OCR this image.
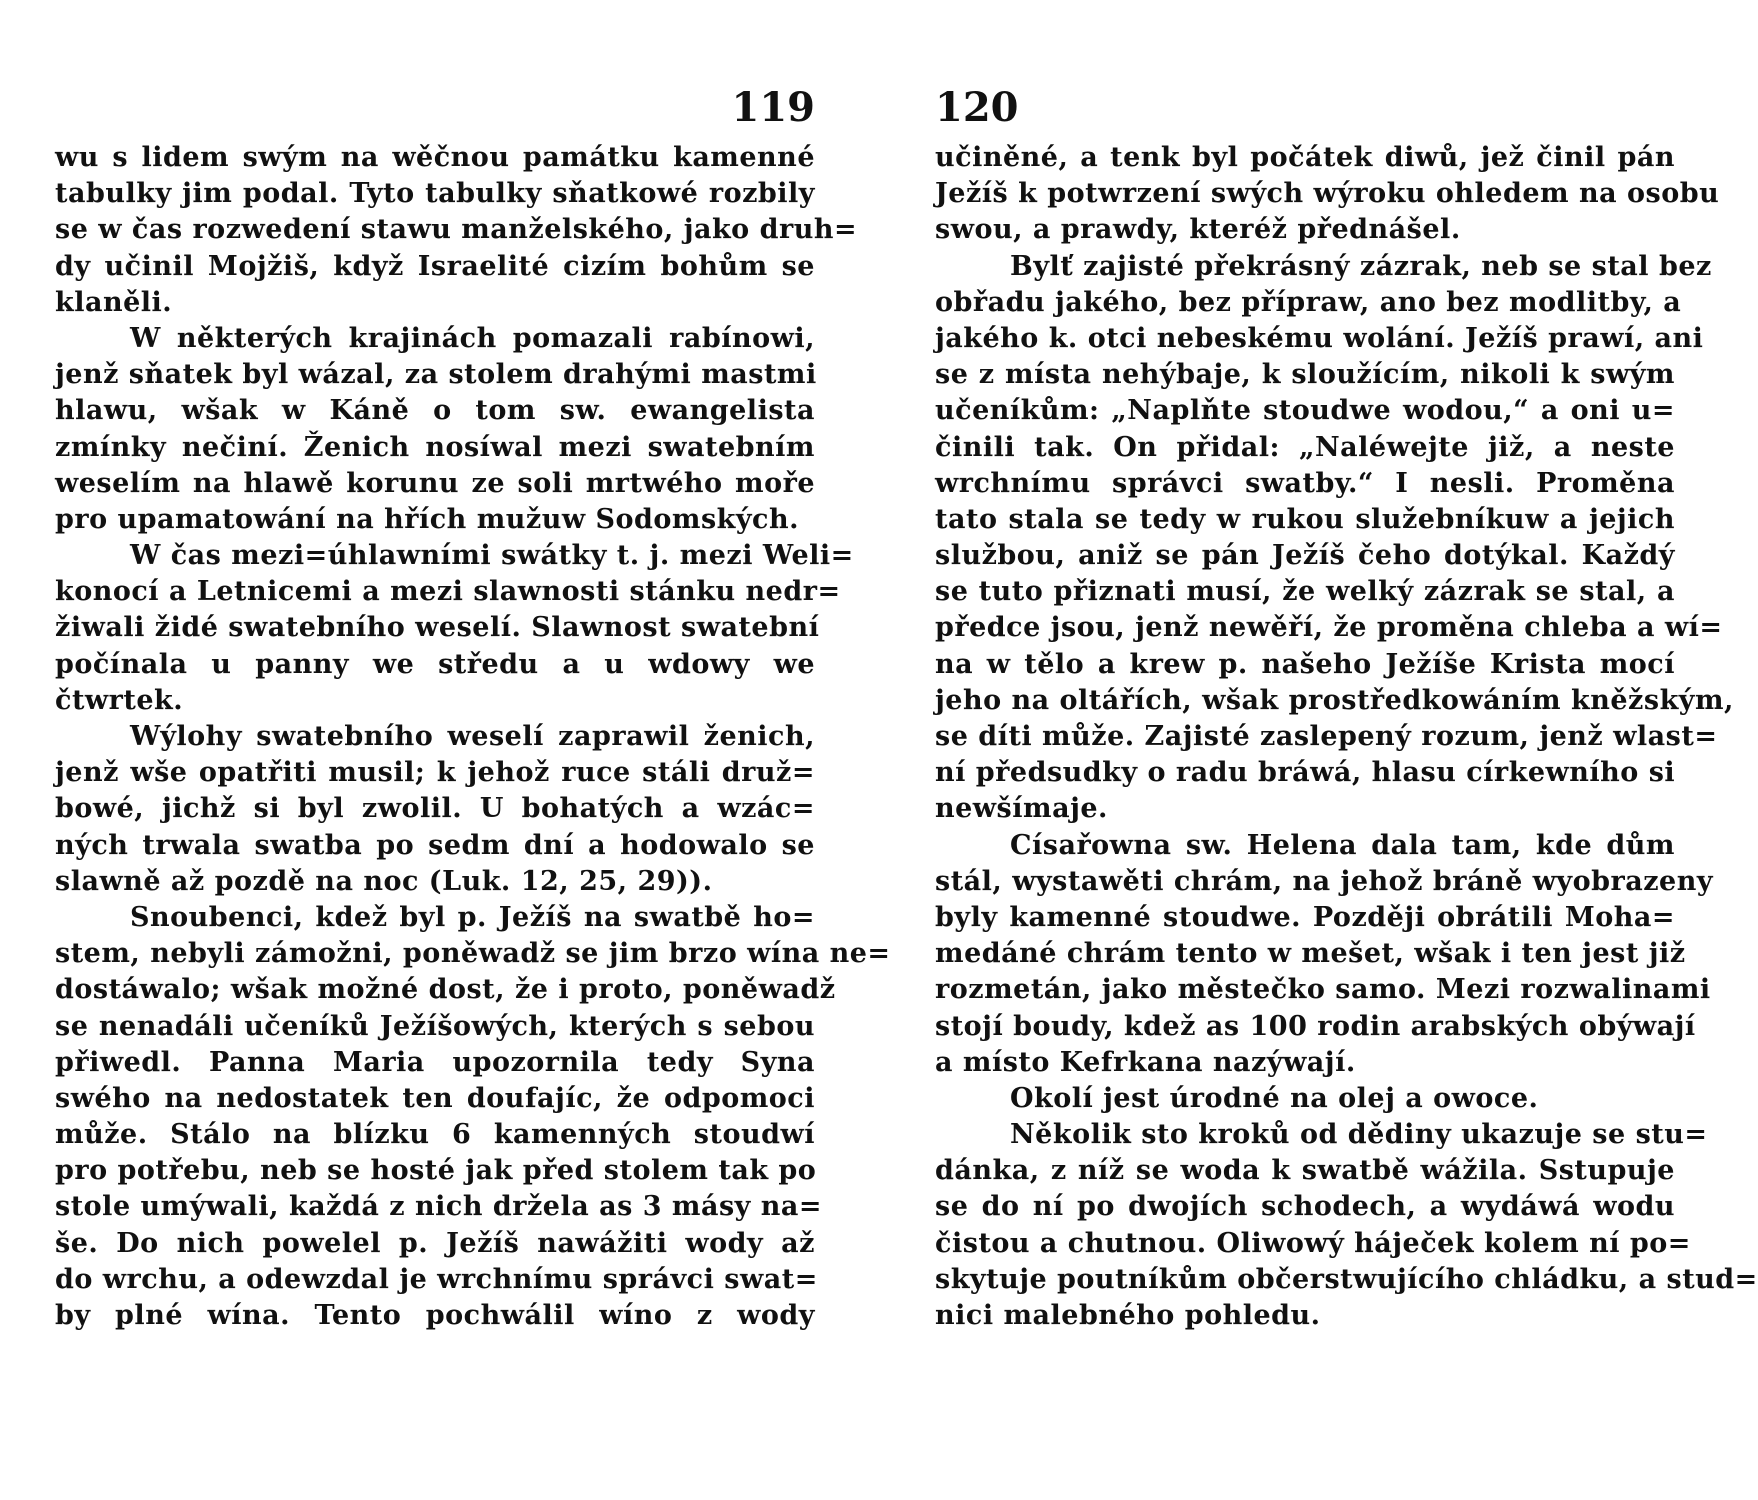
119
wu s lidem swým na wěčnou památku kamenné
tabulky jim podal. Tyto tabulky sňatkowé rozbily
se w čas rozwedení stawu manželského, jako druh=
dy učinil Mojžiš, když Israelité cizím bohům se
klaněli.
W některých krajinách pomazali rabínowi,
jenž sňatek byl wázal, za stolem drahými mastmi
hlawu, wšak w Káně o tom sw. ewangelista
zmínky nečiní. Ženich nosíwal mezi swatebním
weselím na hlawě korunu ze soli mrtwého moře
pro upamatowání na hřích mužuw Sodomských.
W čas mezi=úhlawními swátky t. j. mezi Weli=
konocí a Letnicemi a mezi slawnosti stánku nedr=
žiwali židé swatebního weselí. Slawnost swatební
počínala u panny we středu a u wdowy we
čtwrtek.
Wýlohy swatebního weselí zaprawil ženich,
jenž wše opatřiti musil; k jehož ruce stáli druž=
bowé, jichž si byl zwolil. U bohatých a wzác=
ných trwala swatba po sedm dní a hodowalo se
slawně až pozdě na noc (Luk. 12, 25, 29)).
Snoubenci, kdež byl p. Ježíš na swatbě ho=
stem, nebyli zámožni, poněwadž se jim brzo wína ne=
dostáwalo; wšak možné dost, že i proto, poněwadž
se nenadáli učeníků Ježíšowých, kterých s sebou
přiwedl. Panna Maria upozornila tedy Syna
swého na nedostatek ten doufajíc, že odpomoci
může. Stálo na blízku 6 kamenných stoudwí
pro potřebu, neb se hosté jak před stolem tak po
stole umýwali, každá z nich držela as 3 másy na=
še. Do nich powelel p. Ježíš nawážiti wody až
do wrchu, a odewzdal je wrchnímu správci swat=
by plné wína. Tento pochwálil wíno z wody
120
učiněné, a tenk byl počátek diwů, jež činil pán
Ježíš k potwrzení swých wýroku ohledem na osobu
swou, a prawdy, kteréž přednášel.
Bylť zajisté překrásný zázrak, neb se stal bez
obřadu jakého, bez přípraw, ano bez modlitby, a
jakého k. otci nebeskému wolání. Ježíš prawí, ani
se z místa nehýbaje, k sloužícím, nikoli k swým
učeníkům: „Naplňte stoudwe wodou,“ a oni u=
činili tak. On přidal: „Naléwejte již, a neste
wrchnímu správci swatby.“ I nesli. Proměna
tato stala se tedy w rukou služebníkuw a jejich
službou, aniž se pán Ježíš čeho dotýkal. Každý
se tuto přiznati musí, že welký zázrak se stal, a
předce jsou, jenž newěří, že proměna chleba a wí=
na w tělo a krew p. našeho Ježíše Krista mocí
jeho na oltářích, wšak prostředkowáním kněžským,
se díti může. Zajisté zaslepený rozum, jenž wlast=
ní předsudky o radu bráwá, hlasu církewního si
newšímaje.
Císařowna sw. Helena dala tam, kde dům
stál, wystawěti chrám, na jehož bráně wyobrazeny
byly kamenné stoudwe. Později obrátili Moha=
medáné chrám tento w mešet, wšak i ten jest již
rozmetán, jako městečko samo. Mezi rozwalinami
stojí boudy, kdež as 100 rodin arabských obýwají
a místo Kefrkana nazýwají.
Okolí jest úrodné na olej a owoce.
Několik sto kroků od dědiny ukazuje se stu=
dánka, z níž se woda k swatbě wážila. Sstupuje
se do ní po dwojích schodech, a wydáwá wodu
čistou a chutnou. Oliwowý háječek kolem ní po=
skytuje poutníkům občerstwujícího chládku, a stud=
nici malebného pohledu.
